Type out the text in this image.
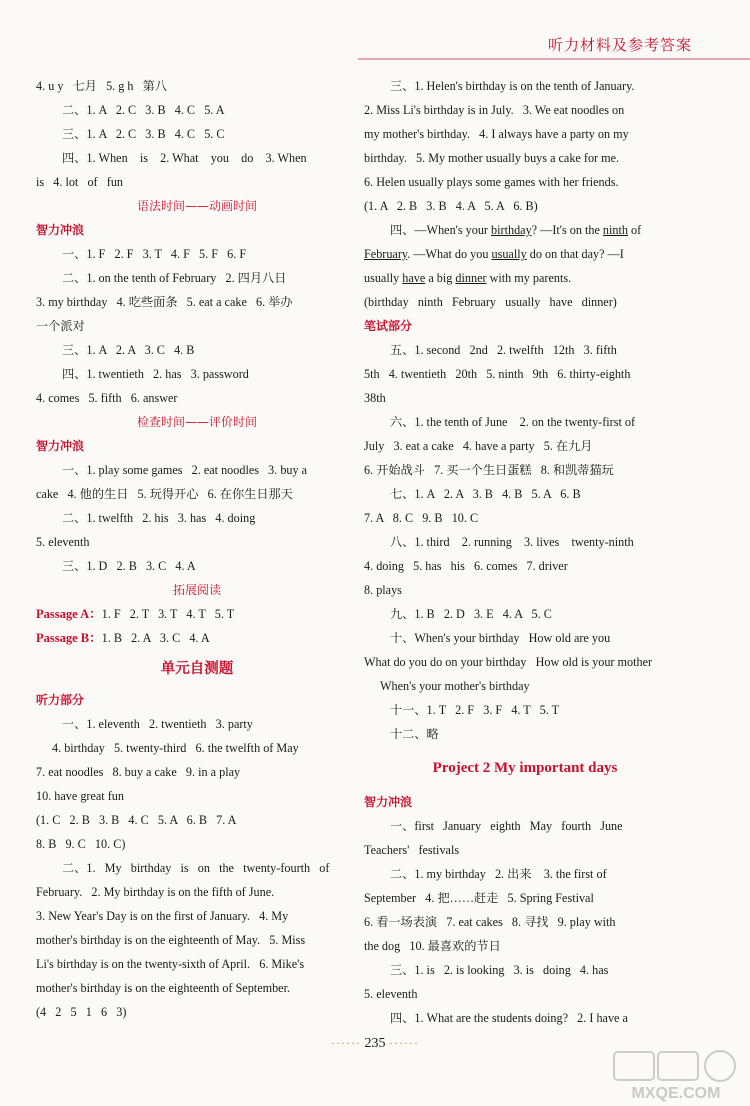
听力材料及参考答案
4. u y   七月   5. g h   第八
二、1. A   2. C   3. B   4. C   5. A
三、1. A   2. C   3. B   4. C   5. C
四、1. When    is    2. What    you    do    3. When
is   4. lot   of   fun
语法时间——动画时间
智力冲浪
一、1. F   2. F   3. T   4. F   5. F   6. F
二、1. on the tenth of February   2. 四月八日
3. my birthday   4. 吃些面条   5. eat a cake   6. 举办
一个派对
三、1. A   2. A   3. C   4. B
四、1. twentieth   2. has   3. password
4. comes   5. fifth   6. answer
检查时间——评价时间
智力冲浪
一、1. play some games   2. eat noodles   3. buy a
cake   4. 他的生日   5. 玩得开心   6. 在你生日那天
二、1. twelfth   2. his   3. has   4. doing
5. eleventh
三、1. D   2. B   3. C   4. A
拓展阅读
Passage A：1. F   2. T   3. T   4. T   5. T
Passage B：1. B   2. A   3. C   4. A
单元自测题
听力部分
一、1. eleventh   2. twentieth   3. party
4. birthday   5. twenty-third   6. the twelfth of May
7. eat noodles   8. buy a cake   9. in a play
10. have great fun
(1. C   2. B   3. B   4. C   5. A   6. B   7. A
8. B   9. C   10. C)
二、1.   My   birthday   is   on   the   twenty-fourth   of
February.   2. My birthday is on the fifth of June.
3. New Year's Day is on the first of January.   4. My
mother's birthday is on the eighteenth of May.   5. Miss
Li's birthday is on the twenty-sixth of April.   6. Mike's
mother's birthday is on the eighteenth of September.
(4   2   5   1   6   3)
三、1. Helen's birthday is on the tenth of January.
2. Miss Li's birthday is in July.   3. We eat noodles on
my mother's birthday.   4. I always have a party on my
birthday.   5. My mother usually buys a cake for me.
6. Helen usually plays some games with her friends.
(1. A   2. B   3. B   4. A   5. A   6. B)
四、—When's your birthday? —It's on the ninth of
February. —What do you usually do on that day? —I
usually have a big dinner with my parents.
(birthday   ninth   February   usually   have   dinner)
笔试部分
五、1. second   2nd   2. twelfth   12th   3. fifth
5th   4. twentieth   20th   5. ninth   9th   6. thirty-eighth
38th
六、1. the tenth of June    2. on the twenty-first of
July   3. eat a cake   4. have a party   5. 在九月
6. 开始战斗   7. 买一个生日蛋糕   8. 和凯蒂猫玩
七、1. A   2. A   3. B   4. B   5. A   6. B
7. A   8. C   9. B   10. C
八、1. third    2. running    3. lives    twenty-ninth
4. doing   5. has   his   6. comes   7. driver
8. plays
九、1. B   2. D   3. E   4. A   5. C
十、When's your birthday   How old are you
What do you do on your birthday   How old is your mother
When's your mother's birthday
十一、1. T   2. F   3. F   4. T   5. T
十二、略
Project 2 My important days
智力冲浪
一、first   January   eighth   May   fourth   June
Teachers'   festivals
二、1. my birthday   2. 出来    3. the first of
September   4. 把……赶走   5. Spring Festival
6. 看一场表演   7. eat cakes   8. 寻找   9. play with
the dog   10. 最喜欢的节日
三、1. is   2. is looking   3. is   doing   4. has
5. eleventh
四、1. What are the students doing?   2. I have a
······ 235 ······
MXQE.COM
